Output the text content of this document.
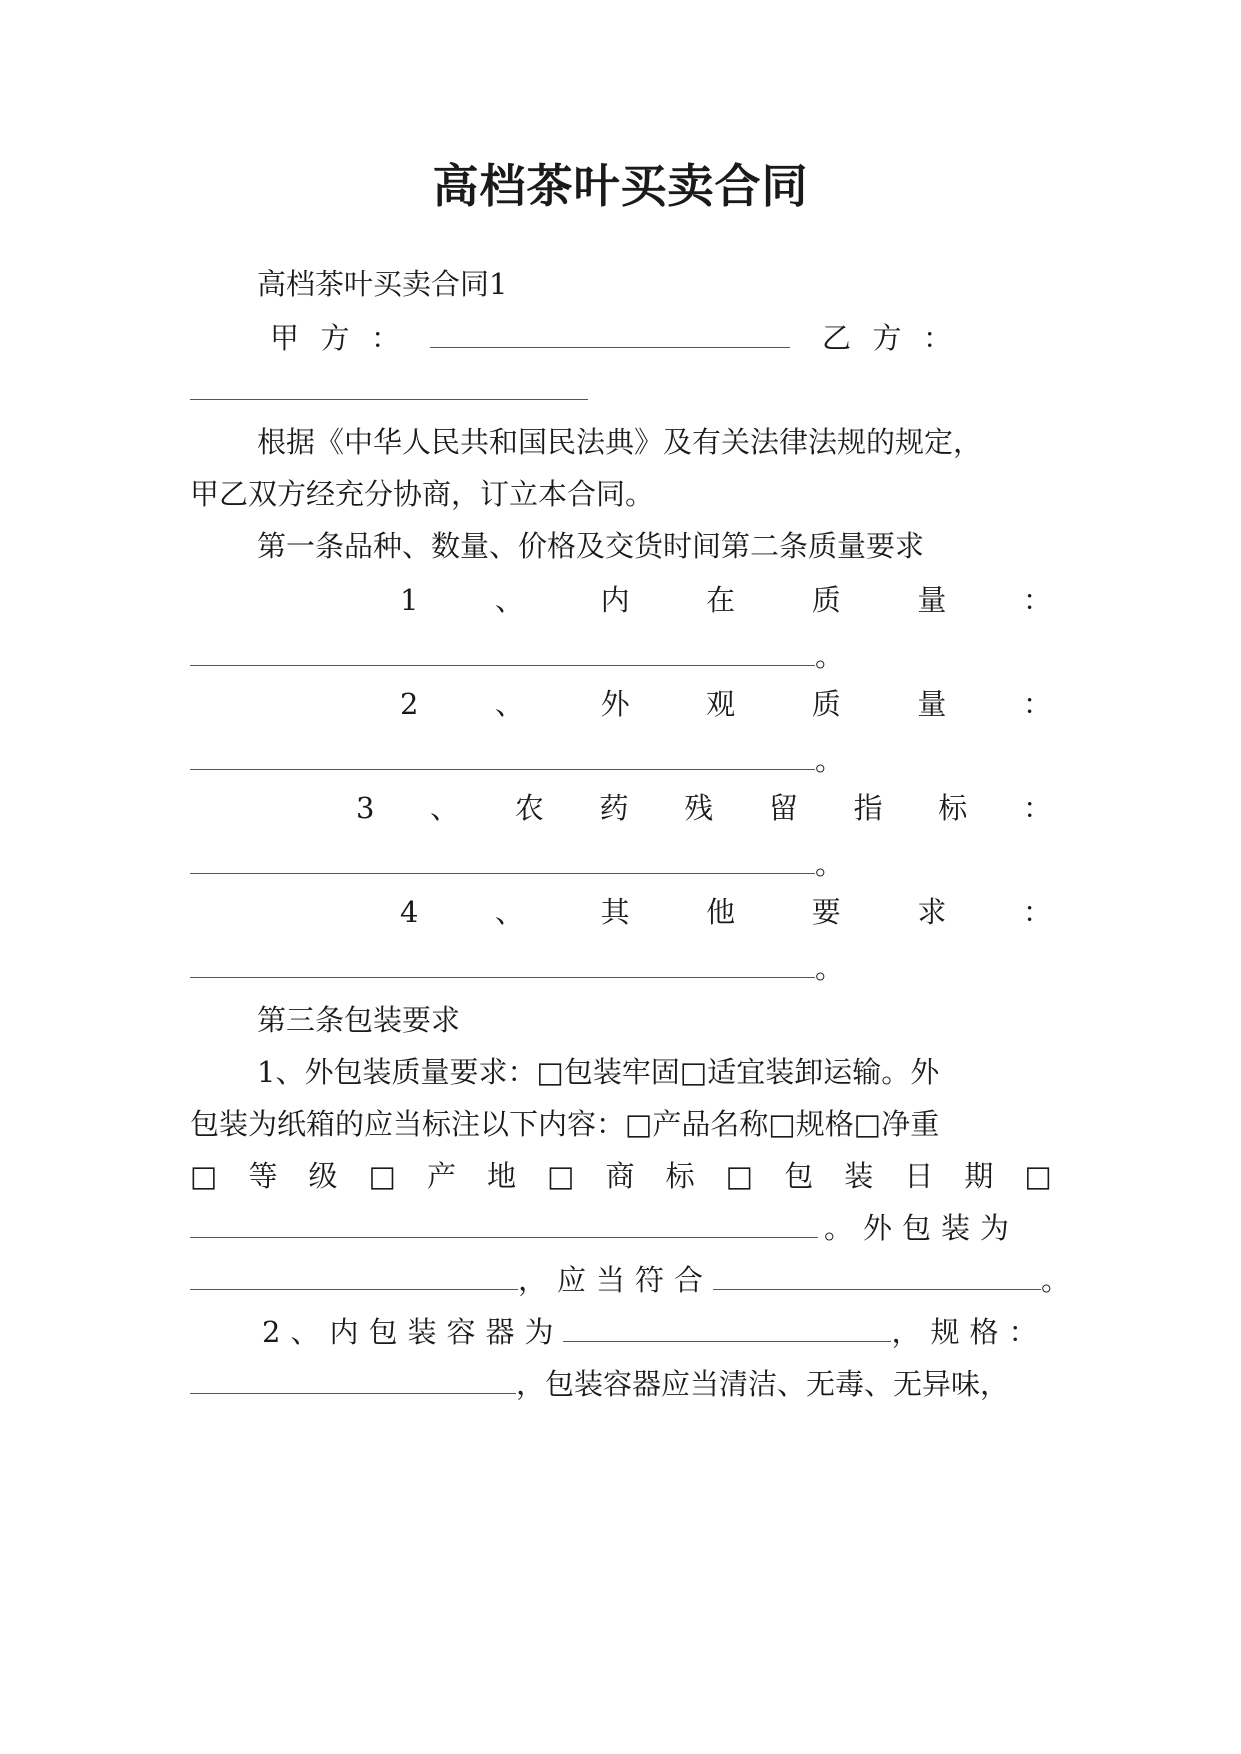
高档茶叶买卖合同
高档茶叶买卖合同1
甲 方 ：	乙 方 ：
根据《中华人民共和国民法典》及有关法律法规的规定，
甲乙双方经充分协商，订立本合同。
第一条品种、数量、价格及交货时间第二条质量要求
1	、	内	在	质	量	：
。
2	、	外	观	质	量	：
。
3 、 农 药 残 留 指 标 ：
。
4	、	其	他	要	求	：
。
第三条包装要求
1、外包装质量要求：□包装牢固□适宜装卸运输。外
包装为纸箱的应当标注以下内容：□产品名称□规格□净重
□ 等 级 □ 产 地 □ 商 标 □ 包 装 日 期 □
。外包装为
，应当符合	。
2、内包装容器为	，规格：
，包装容器应当清洁、无毒、无异味，
